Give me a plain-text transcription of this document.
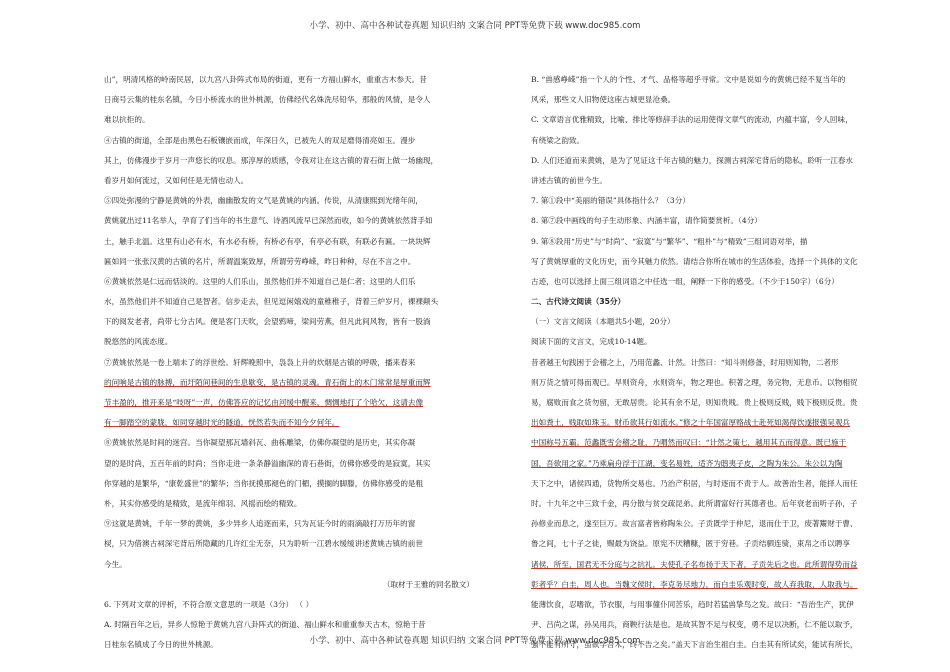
小学、初中、高中各种试卷真题 知识归纳 文案合同 PPT等免费下载 www.doc985.com

山”，明清风格的岭南民居，以九宫八卦阵式布局的街道，更有一方福山鲜水，重重古木参天。昔

日商号云集的桂东名镇，今日小桥流水的世外桃源，仿佛经代名姝洗尽铅华，那般的风情，是令人

难以抗拒的。

④古镇的街道，全部是由黑色石板镶嵌而成，年深日久，已被先人的双足磨得清亮如玉。漫步

其上，仿佛漫步于岁月一声悠长的叹息。那淳厚的质感，令我对让在这古镇的青石街上做一场幽现，

看岁月如何流过，又如何任是无情也动人。

⑤四处弥漫的宁静是黄姚的外表，幽幽散发的文气是黄姚的内涵。传说，从清康熙到光绪年间，

黄姚就出过11名举人，孕育了们当年的书生意气、诗酒风流早已深然而收，如今的黄姚依然背手如

土，触手北温。这里有山必有水，有水必有桥，有桥必有亭，有亭必有联，有联必有匾。一块块辉

匾如同一张张汉黄的古镇的名片，所谓温案致厚，所谓劳劳峥嵘，昨日种种，尽在不言之中。

⑥黄姚依然是仁远而恬淡的。这里的人们乐山，虽然他们并不知道自己是仁者；这里的人们乐

水，虽然他们并不知道自己是智者。信步走去，但见逗闲嬉戏的童稚稚子，背着三炉岁月，裸裸颠头

下的阅发老者，尚带七分古风。便是客门天吹，会望鸦啼，梁间劳燕，但凡此间风物，皆有一股淌

脱悠然的风流态度。

⑦黄姚依然是一卷上端未了的浮世绘。轩辉晚照中，袅袅上升的炊烟是古镇的呼吸，播来春来

的问响是古镇的脉搏，而圩陌间巷间的生息歇变，是古镇的灵魂。青石街上的木门常常是厚重而辉

节丰盈的，推开来是“吱呀”一声，仿佛答应的记忆由河缓中醒来，惆惆地打了个哈欠，这请去像

有一脚踏空的蒙胧，如同穿越时光的隧道，恍然若失而不知今夕何年。

⑧黄姚依然是时间的迷宫。当你凝望那瓦墙斜瓦、曲栋雕梁，仿佛你凝望的是历史，其实你凝

望的是时尚，五百年前的时尚；当你走进一条条静溢幽深的青石巷街，仿佛你感受的是寂寞，其实

你穿越的是繁华，“康乾盛世”的繁华；当你抚摸那褪色的门楣，摸搁的脚滕，仿佛你感受的是粗

朴，其实你感受的是精致，是流年绵羽、风摇而绘的精致。

⑨这就是黄姚，千年一梦的黄姚，多少异乡人追逐而来，只为瓦证今时的雨滴敲打万历年的窗

棂，只为借澳古祠深宅背后所隐藏的几许红尘无奈，只为聆听一江碧水缓缓讲述黄姚古镇的前世

今生。

（取材于王雅的同名散文）

6. 下列对文章的评析，不符合原文意思的一项是（3分） （ ）

A. 时隔百年之后，异乡人惊艳于黄姚九宫八卦阵式的街道、福山鲜水和重重参天古木，惊艳于昔

日桂东名镇成了今日的世外桃源。

B. “兽感峥嵘”指一个人的个性、才气、品格等超乎寻常。文中是说如今的黄姚已经不复当年的

风采，那些文人旧物使这座古城更显沧桑。

C. 文章语言优雅精致，比喻、排比等修辞手法的运用使得文章气的流动，内蕴丰富，令人回味，

有绕梁之韵致。

D. 人们还道而来黄姚，是为了见证这千年古镇的魅力，探测古祠深宅背后的隐私，聆听一江春水

讲述古镇的前世今生。

7. 第①段中“美丽的错误”具体指什么？（3分）

8. 第⑦段中画线的句子生动形象、内涵丰富，请作简要赏析。（4分）

9. 第⑧段用“历史”与“时尚”、“寂寞”与“繁华”、“粗朴”与“精致”三组词语对举，描

写了黄姚厚重的文化历史，而今其魅力依然。请结合你所在城市的生活体验，选择一个具体的文化

古迹，也可以选择上面三组词语之中任选一组，阐释一下你的感受。（不少于150字）（6分）

二、古代诗文阅读（35分）

（一）文言文阅读（本题共5小题，20分）

阅读下面的文言文，完成10-14题。

昔者越王句践困于会稽之上，乃用范蠡、计然。计然曰：“知斗则修备，时用则知物，二者形

则万货之情可得而观已。旱则资舟，水则资车，物之理也。积著之理，务完物，无息币。以物相贸

易，腐败而食之货勿留，无敢居贵。论其有余不足，则知贵贱。贵上极则反贱，贱下极则反贵。贵

出如粪土，贱取如珠玉。财币欲其行如流水。”修之十年国富厚赂战士赴死如渴得饮遂报强吴观兵

中国称号五霸。范蠡既雪会稽之耻，乃喟然而叹曰：“计然之策七，越用其五而得意。既已施于

国，吾欲用之家。”乃乘扁舟浮于江湖，变名易姓，适齐为鸱夷子皮，之陶为朱公。朱公以为陶

天下之中，诸侯四通，货物所交易也。乃治产积居，与时逐而不责于人。故善治生者，能择人而任

时。十九年之中三致千金，再分散与贫交疏昆弟。此所谓富好行其德者也。后年衰老而听子孙，子

孙修业而息之，遂至巨万。故言富者皆称陶朱公。子贡既学于仲尼，退而仕于卫，废著鬻财于曹、

鲁之间，七十子之徒，赐最为饶益。原宪不厌糟糠，匿于穷巷。子贡结驷连骑，束帛之币以聘享

诸侯，所至，国君无不分庭与之抗礼。夫使孔子名布扬于天下者，子贡先后之也。此所谓得势而益

彰者乎？白圭，周人也。当魏文侯时，李克务尽地力，而白圭乐观时变，故人弃我取，人取我与。

能薄饮食，忍嗜欲，节衣服，与用事僮仆同苦乐，趋时若猛兽挚鸟之发。故曰：“吾治生产，犹伊

尹、吕尚之谋，孙吴用兵，商鞅行法是也。是故其智不足与权变，勇不足以决断，仁不能以取予，

强不能有所守，虽欲学吾术，终不告之矣。”盖天下言治生祖白圭。白圭其有所试矣，能试有所长，

小学、初中、高中各种试卷真题 知识归纳 文案合同 PPT等免费下载 www.doc985.com
